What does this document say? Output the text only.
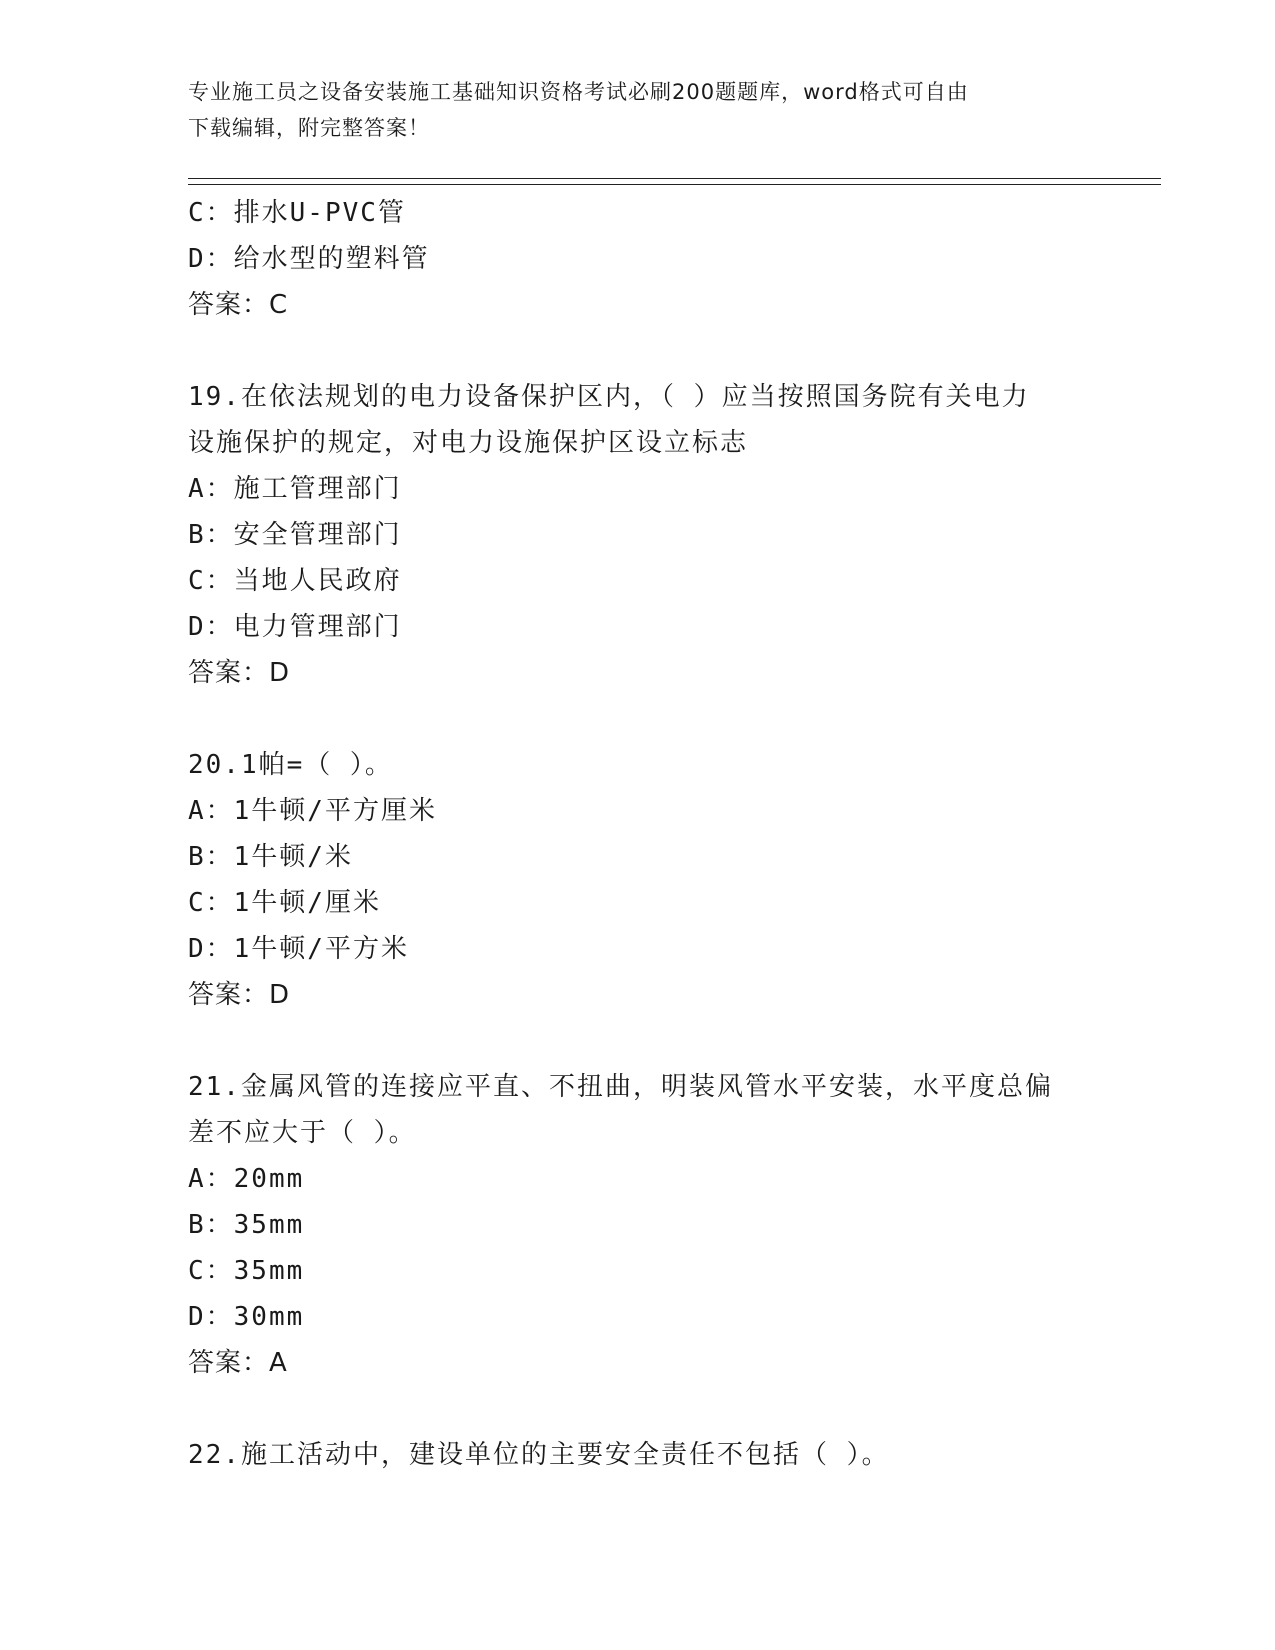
专业施工员之设备安装施工基础知识资格考试必刷200题题库，word格式可自由
下载编辑，附完整答案！
C：排水U-PVC管
D：给水型的塑料管
答案：C
19.在依法规划的电力设备保护区内，（ ）应当按照国务院有关电力
设施保护的规定，对电力设施保护区设立标志
A：施工管理部门
B：安全管理部门
C：当地人民政府
D：电力管理部门
答案：D
20.1帕=（ ）。
A：1牛顿/平方厘米
B：1牛顿/米
C：1牛顿/厘米
D：1牛顿/平方米
答案：D
21.金属风管的连接应平直、不扭曲，明装风管水平安装，水平度总偏
差不应大于（ ）。
A：20mm
B：35mm
C：35mm
D：30mm
答案：A
22.施工活动中，建设单位的主要安全责任不包括（ ）。
